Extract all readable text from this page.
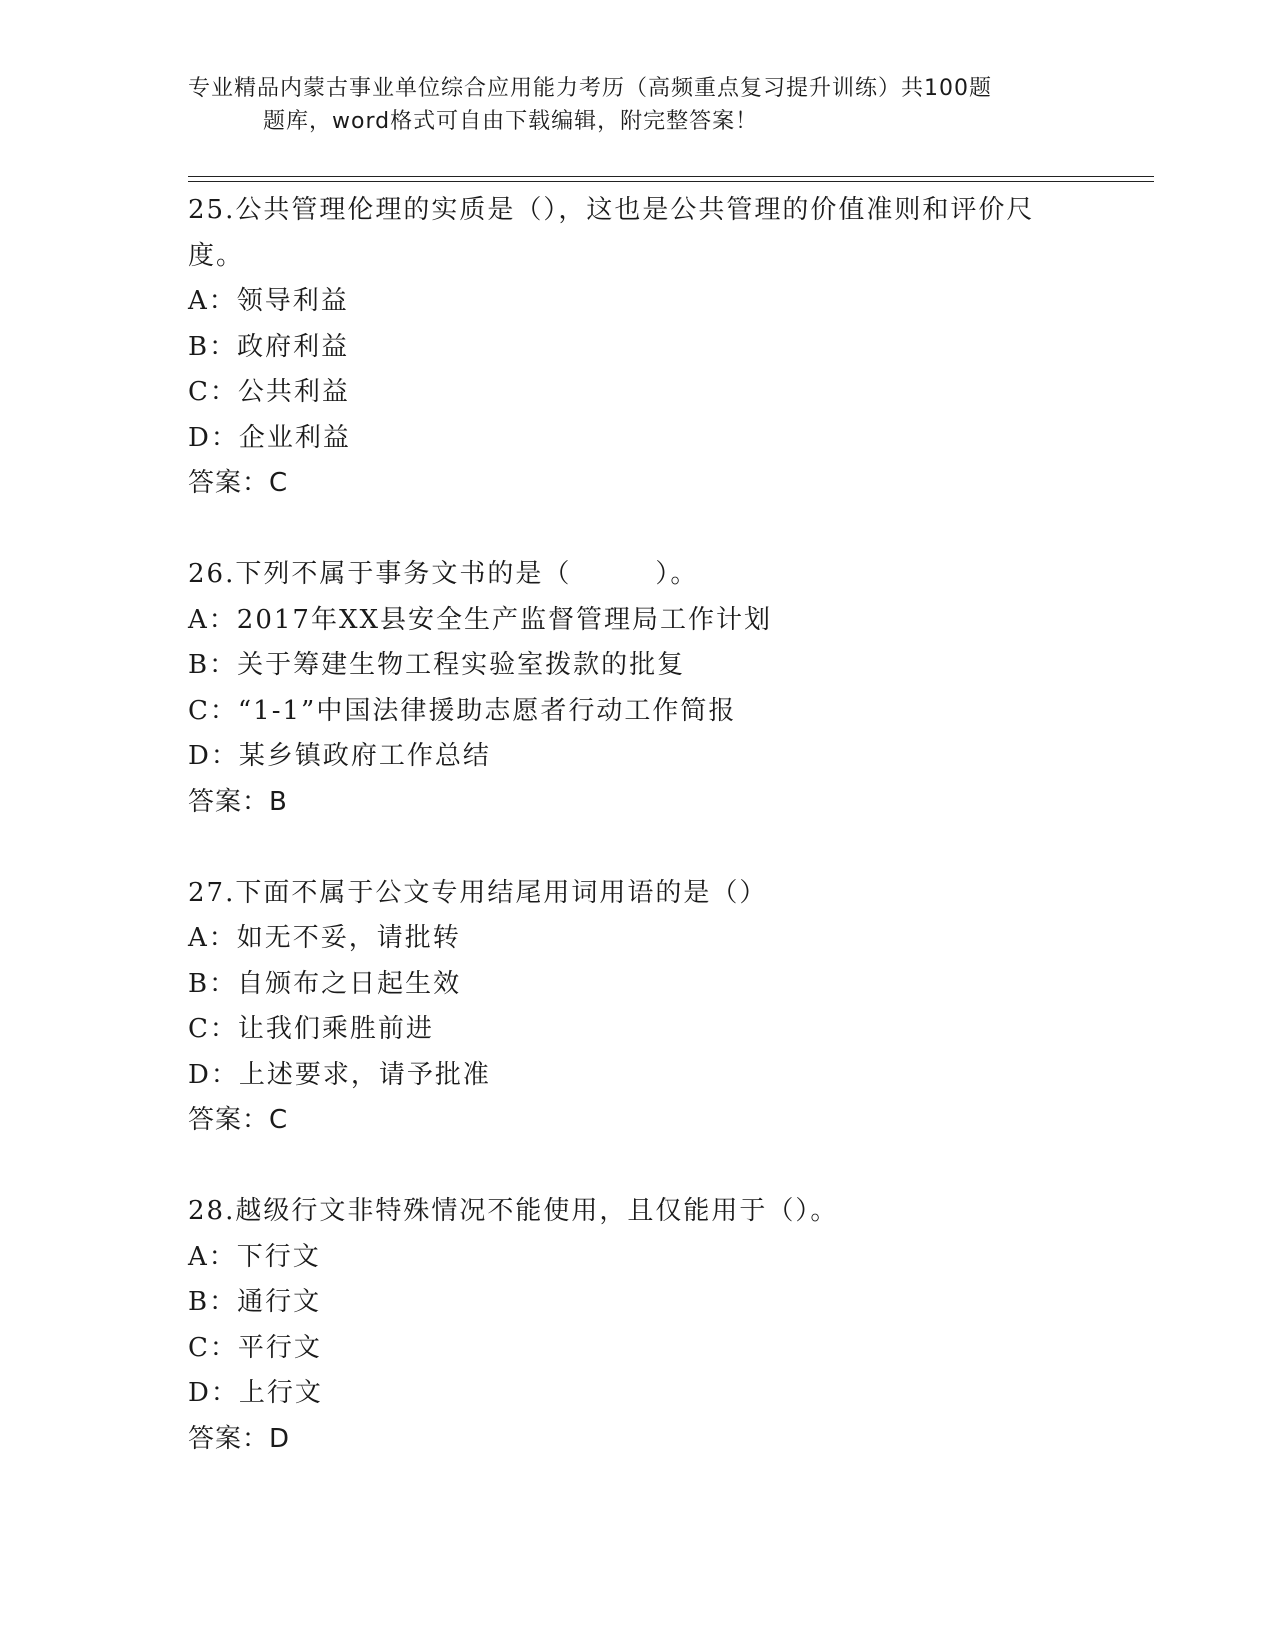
专业精品内蒙古事业单位综合应用能力考历（高频重点复习提升训练）共100题
题库，word格式可自由下载编辑，附完整答案！
25.公共管理伦理的实质是（），这也是公共管理的价值准则和评价尺
度。
A：领导利益
B：政府利益
C：公共利益
D：企业利益
答案：C
26.下列不属于事务文书的是（　　　）。
A：2017年XX县安全生产监督管理局工作计划
B：关于筹建生物工程实验室拨款的批复
C：“1-1”中国法律援助志愿者行动工作简报
D：某乡镇政府工作总结
答案：B
27.下面不属于公文专用结尾用词用语的是（）
A：如无不妥，请批转
B：自颁布之日起生效
C：让我们乘胜前进
D：上述要求，请予批准
答案：C
28.越级行文非特殊情况不能使用，且仅能用于（）。
A：下行文
B：通行文
C：平行文
D：上行文
答案：D
